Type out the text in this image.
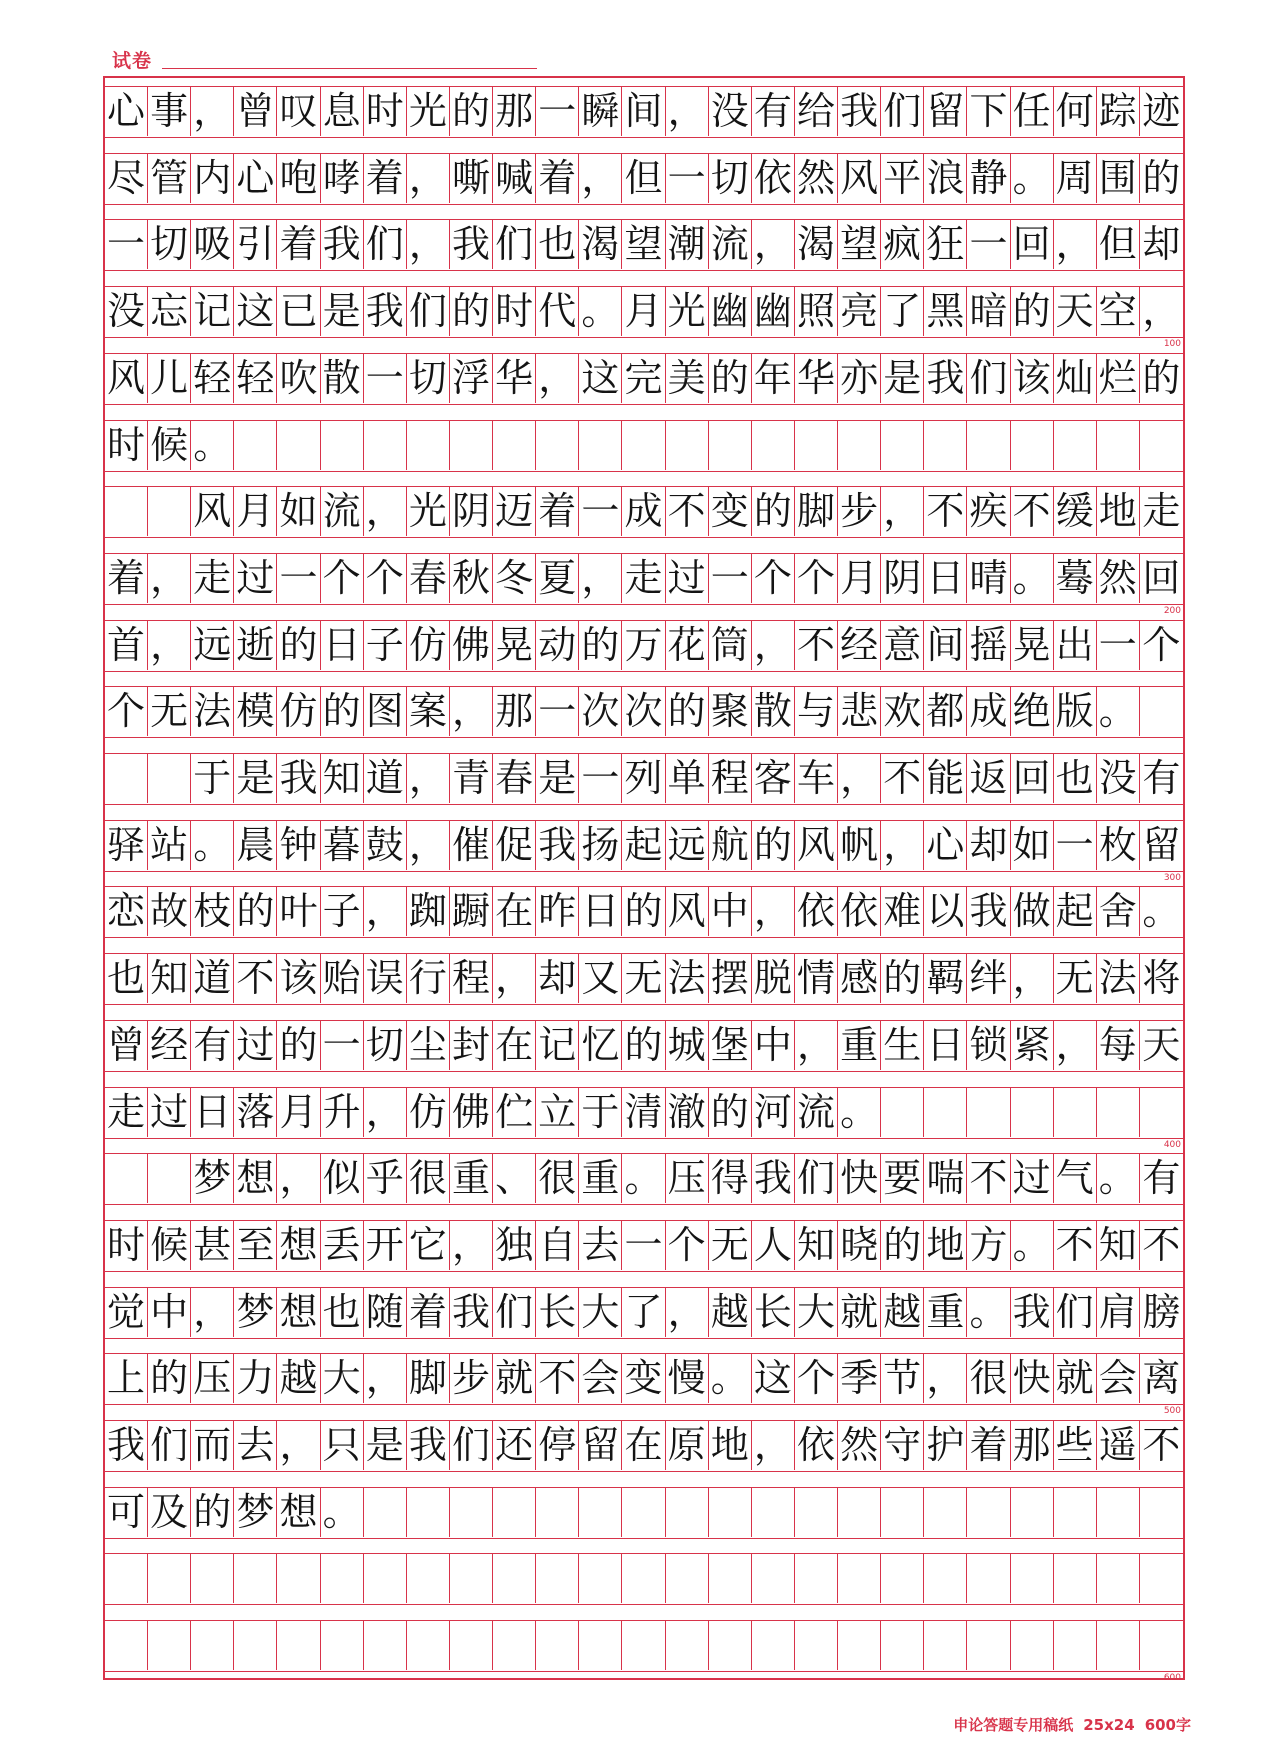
试卷
心 事 ， 曾 叹 息 时 光 的 那 一 瞬 间 ， 没 有 给 我 们 留 下 任 何 踪 迹
尽 管 内 心 咆 哮 着 ， 嘶 喊 着 ， 但 一 切 依 然 风 平 浪 静 。 周 围 的
一 切 吸 引 着 我 们 ， 我 们 也 渴 望 潮 流 ， 渴 望 疯 狂 一 回 ， 但 却
没 忘 记 这 已 是 我 们 的 时 代 。 月 光 幽 幽 照 亮 了 黑 暗 的 天 空 ，
100
风 儿 轻 轻 吹 散 一 切 浮 华 ， 这 完 美 的 年 华 亦 是 我 们 该 灿 烂 的
时 候 。
风 月 如 流 ， 光 阴 迈 着 一 成 不 变 的 脚 步 ， 不 疾 不 缓 地 走
着 ， 走 过 一 个 个 春 秋 冬 夏 ， 走 过 一 个 个 月 阴 日 晴 。 蓦 然 回
200
首 ， 远 逝 的 日 子 仿 佛 晃 动 的 万 花 筒 ， 不 经 意 间 摇 晃 出 一 个
个 无 法 模 仿 的 图 案 ， 那 一 次 次 的 聚 散 与 悲 欢 都 成 绝 版 。
于 是 我 知 道 ， 青 春 是 一 列 单 程 客 车 ， 不 能 返 回 也 没 有
驿 站 。 晨 钟 暮 鼓 ， 催 促 我 扬 起 远 航 的 风 帆 ， 心 却 如 一 枚 留
300
恋 故 枝 的 叶 子 ， 踟 蹰 在 昨 日 的 风 中 ， 依 依 难 以 我 做 起 舍 。
也 知 道 不 该 贻 误 行 程 ， 却 又 无 法 摆 脱 情 感 的 羁 绊 ， 无 法 将
曾 经 有 过 的 一 切 尘 封 在 记 忆 的 城 堡 中 ， 重 生 日 锁 紧 ， 每 天
走 过 日 落 月 升 ， 仿 佛 伫 立 于 清 澈 的 河 流 。
400
梦 想 ， 似 乎 很 重 、 很 重 。 压 得 我 们 快 要 喘 不 过 气 。 有
时 候 甚 至 想 丢 开 它 ， 独 自 去 一 个 无 人 知 晓 的 地 方 。 不 知 不
觉 中 ， 梦 想 也 随 着 我 们 长 大 了 ， 越 长 大 就 越 重 。 我 们 肩 膀
上 的 压 力 越 大 ， 脚 步 就 不 会 变 慢 。 这 个 季 节 ， 很 快 就 会 离
500
我 们 而 去 ， 只 是 我 们 还 停 留 在 原 地 ， 依 然 守 护 着 那 些 遥 不
可 及 的 梦 想 。
600
申论答题专用稿纸 25x24 600字
